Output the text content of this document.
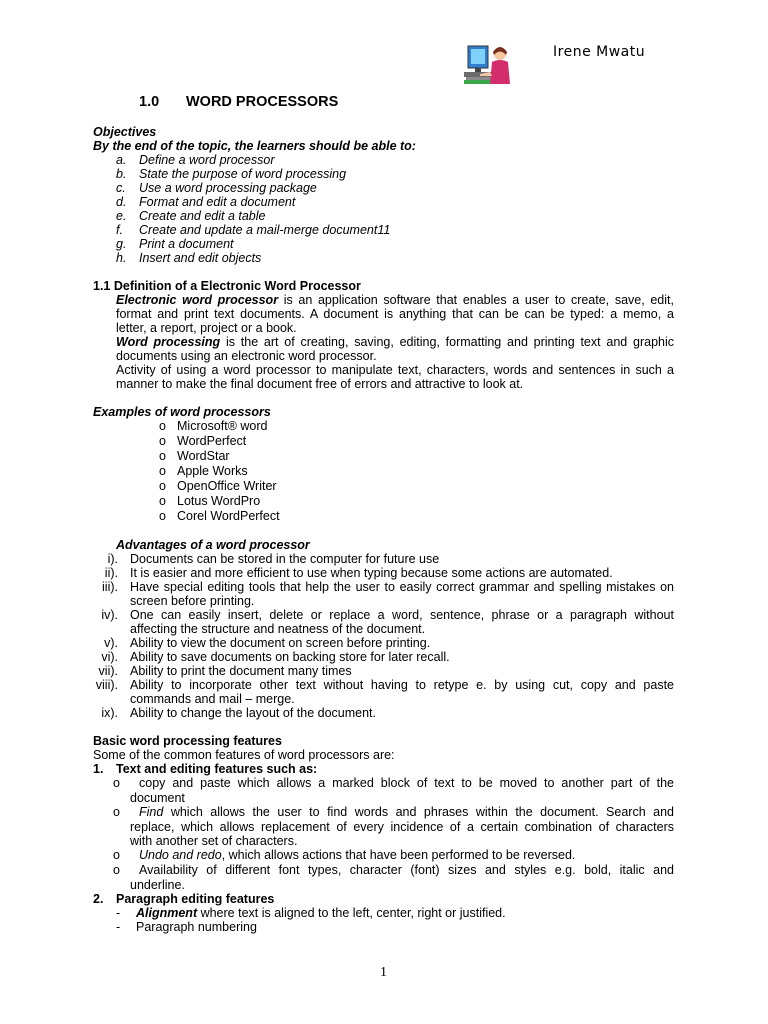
Irene Mwatu
1.0 WORD PROCESSORS
Objectives
By the end of the topic, the learners should be able to:
a. Define a word processor
b. State the purpose of word processing
c. Use a word processing package
d. Format and edit a document
e. Create and edit a table
f. Create and update a mail-merge document11
g. Print a document
h. Insert and edit objects
1.1 Definition of a Electronic Word Processor
Electronic word processor is an application software that enables a user to create, save, edit,
format and print text documents. A document is anything that can be can be typed: a memo, a
letter, a report, project or a book.
Word processing is the art of creating, saving, editing, formatting and printing text and graphic
documents using an electronic word processor.
Activity of using a word processor to manipulate text, characters, words and sentences in such a
manner to make the final document free of errors and attractive to look at.
Examples of word processors
o Microsoft® word
o WordPerfect
o WordStar
o Apple Works
o OpenOffice Writer
o Lotus WordPro
o Corel WordPerfect
Advantages of a word processor
i). Documents can be stored in the computer for future use
ii). It is easier and more efficient to use when typing because some actions are automated.
iii). Have special editing tools that help the user to easily correct grammar and spelling mistakes on
screen before printing.
iv). One can easily insert, delete or replace a word, sentence, phrase or a paragraph without
affecting the structure and neatness of the document.
v). Ability to view the document on screen before printing.
vi). Ability to save documents on backing store for later recall.
vii). Ability to print the document many times
viii). Ability to incorporate other text without having to retype e. by using cut, copy and paste
commands and mail – merge.
ix). Ability to change the layout of the document.
Basic word processing features
Some of the common features of word processors are:
1. Text and editing features such as:
o copy and paste which allows a marked block of text to be moved to another part of the
document
o Find which allows the user to find words and phrases within the document. Search and
replace, which allows replacement of every incidence of a certain combination of characters
with another set of characters.
o Undo and redo, which allows actions that have been performed to be reversed.
o Availability of different font types, character (font) sizes and styles e.g. bold, italic and
underline.
2. Paragraph editing features
- Alignment where text is aligned to the left, center, right or justified.
- Paragraph numbering
1
